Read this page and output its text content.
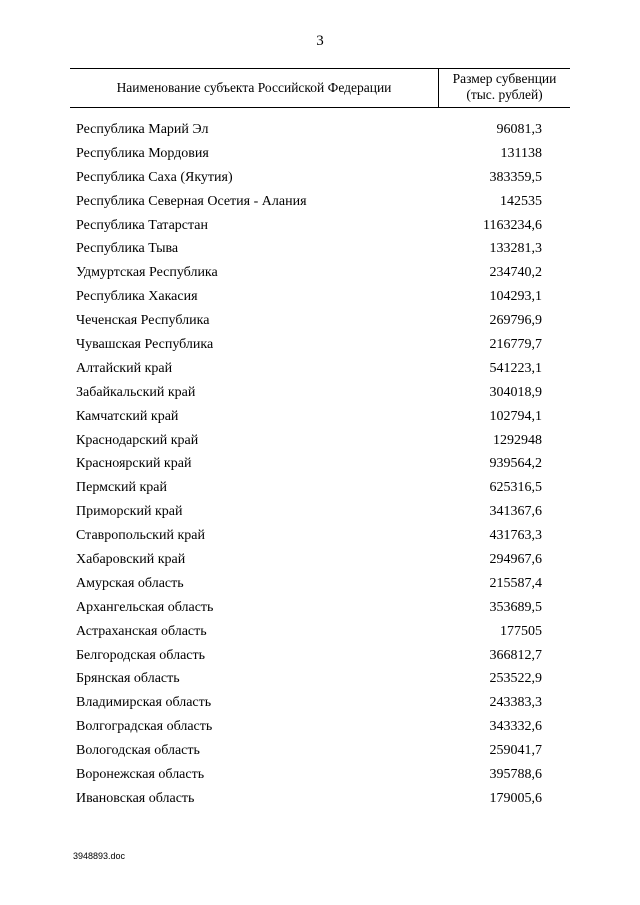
3
Наименование субъекта Российской Федерации
Размер субвенции
(тыс. рублей)
Республика Марий Эл	96081,3
Республика Мордовия	131138
Республика Саха (Якутия)	383359,5
Республика Северная Осетия - Алания	142535
Республика Татарстан	1163234,6
Республика Тыва	133281,3
Удмуртская Республика	234740,2
Республика Хакасия	104293,1
Чеченская Республика	269796,9
Чувашская Республика	216779,7
Алтайский край	541223,1
Забайкальский край	304018,9
Камчатский край	102794,1
Краснодарский край	1292948
Красноярский край	939564,2
Пермский край	625316,5
Приморский край	341367,6
Ставропольский край	431763,3
Хабаровский край	294967,6
Амурская область	215587,4
Архангельская область	353689,5
Астраханская область	177505
Белгородская область	366812,7
Брянская область	253522,9
Владимирская область	243383,3
Волгоградская область	343332,6
Вологодская область	259041,7
Воронежская область	395788,6
Ивановская область	179005,6
3948893.doc
